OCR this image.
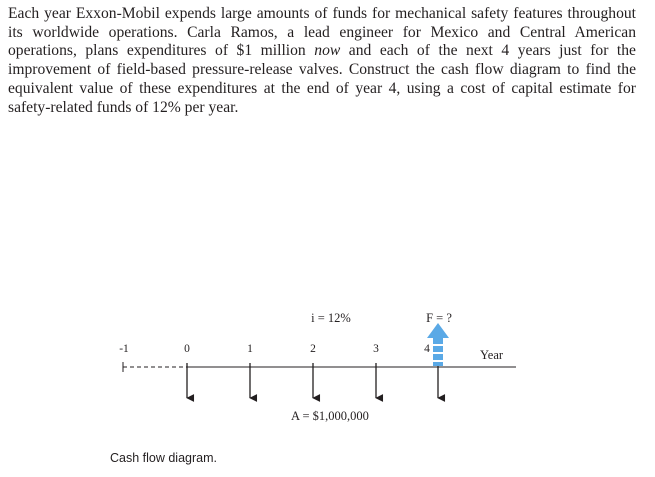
Each year Exxon-Mobil expends large amounts of funds for mechanical safety features throughout its worldwide operations. Carla Ramos, a lead engineer for Mexico and Central American operations, plans expenditures of $1 million now and each of the next 4 years just for the improvement of field-based pressure-release valves. Construct the cash flow diagram to find the equivalent value of these expenditures at the end of year 4, using a cost of capital estimate for safety-related funds of 12% per year.

-1	0	1	2	3	4
i = 12%	F = ?
Year
A = $1,000,000
Cash flow diagram.
